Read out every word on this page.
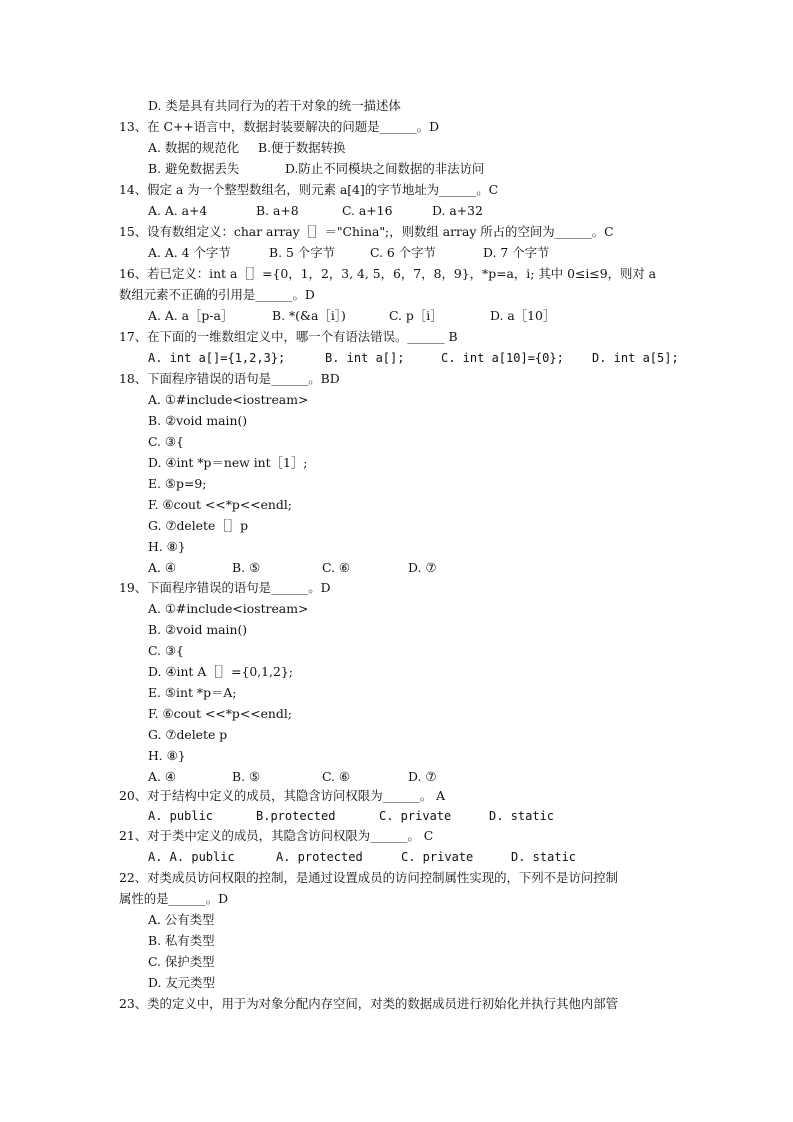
D. 类是具有共同行为的若干对象的统一描述体
13、在 C++语言中，数据封装要解决的问题是______。D
A. 数据的规范化 B.便于数据转换
B. 避免数据丢失	D.防止不同模块之间数据的非法访问
14、假定 a 为一个整型数组名，则元素 a[4]的字节地址为______。C
A. A. a+4	B. a+8	C. a+16	D. a+32
15、设有数组定义：char array［］＝"China";，则数组 array 所占的空间为______。C
A. A. 4 个字节	B. 5 个字节	C. 6 个字节	D. 7 个字节
16、若已定义：int a［］={0，1，2，3, 4, 5，6，7，8，9}，*p=a，i; 其中 0≤i≤9，则对 a
数组元素不正确的引用是______。D
A. A. a［p-a］	B. *(&a［i］)	C. p［i］	D. a［10］
17、在下面的一维数组定义中，哪一个有语法错误。______ B
A. int a[]={1,2,3};	B. int a[];	C. int a[10]={0}; D. int a[5];
18、下面程序错误的语句是______。BD
A. ①#include<iostream>
B. ②void main()
C. ③{
D. ④int *p＝new int［1］;
E. ⑤p=9;
F. ⑥cout <<*p<<endl;
G. ⑦delete［］p
H. ⑧}
A. ④	B. ⑤	C. ⑥	D. ⑦
19、下面程序错误的语句是______。D
A. ①#include<iostream>
B. ②void main()
C. ③{
D. ④int A［］={0,1,2};
E. ⑤int *p＝A;
F. ⑥cout <<*p<<endl;
G. ⑦delete p
H. ⑧}
A. ④	B. ⑤	C. ⑥	D. ⑦
20、对于结构中定义的成员，其隐含访问权限为______。 A
A. public	B.protected	C. private	D. static
21、对于类中定义的成员，其隐含访问权限为______。 C
A. A. public	A. protected	C. private	D. static
22、对类成员访问权限的控制，是通过设置成员的访问控制属性实现的，下列不是访问控制
属性的是______。D
A. 公有类型
B. 私有类型
C. 保护类型
D. 友元类型
23、类的定义中，用于为对象分配内存空间，对类的数据成员进行初始化并执行其他内部管
